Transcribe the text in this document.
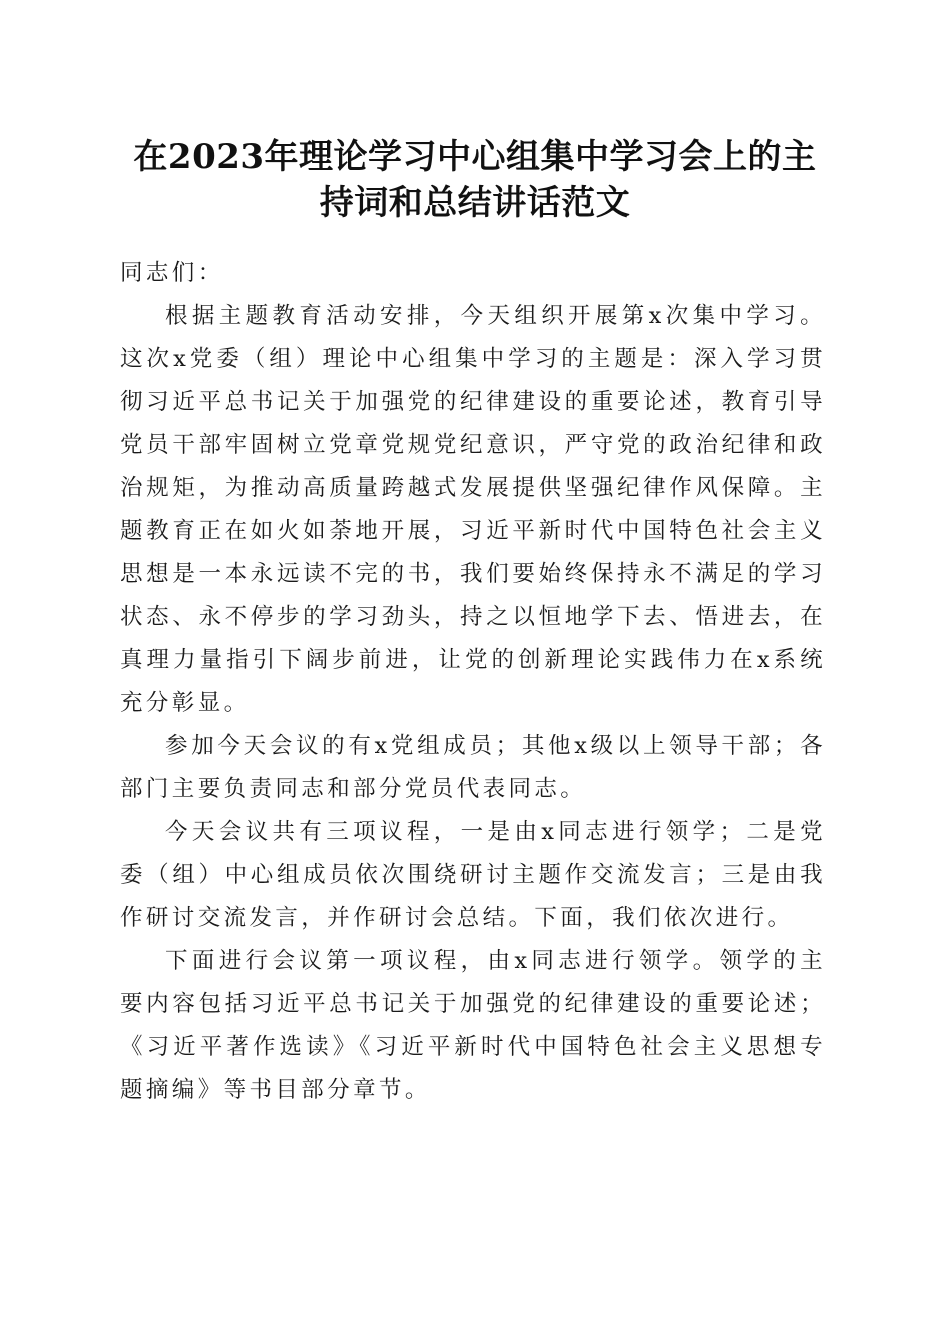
在2023年理论学习中心组集中学习会上的主持词和总结讲话范文

同志们：

根据主题教育活动安排，今天组织开展第x次集中学习。这次x党委（组）理论中心组集中学习的主题是：深入学习贯彻习近平总书记关于加强党的纪律建设的重要论述，教育引导党员干部牢固树立党章党规党纪意识，严守党的政治纪律和政治规矩，为推动高质量跨越式发展提供坚强纪律作风保障。主题教育正在如火如荼地开展，习近平新时代中国特色社会主义思想是一本永远读不完的书，我们要始终保持永不满足的学习状态、永不停步的学习劲头，持之以恒地学下去、悟进去，在真理力量指引下阔步前进，让党的创新理论实践伟力在x系统充分彰显。

参加今天会议的有x党组成员；其他x级以上领导干部；各部门主要负责同志和部分党员代表同志。

今天会议共有三项议程，一是由x同志进行领学；二是党委（组）中心组成员依次围绕研讨主题作交流发言；三是由我作研讨交流发言，并作研讨会总结。下面，我们依次进行。

下面进行会议第一项议程，由x同志进行领学。领学的主要内容包括习近平总书记关于加强党的纪律建设的重要论述；《习近平著作选读》《习近平新时代中国特色社会主义思想专题摘编》等书目部分章节。
